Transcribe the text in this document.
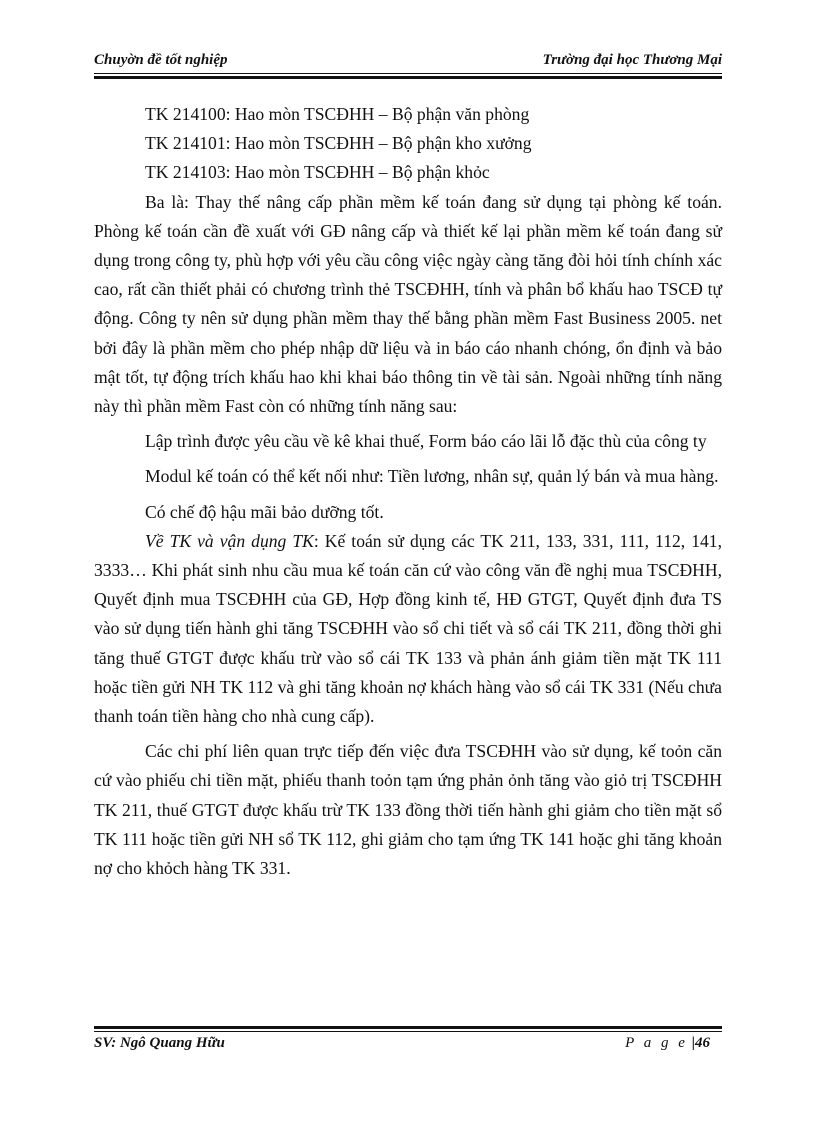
Chuyờn đề tốt nghiệp	Trường đại học Thương Mại

TK 214100: Hao mòn TSCĐHH – Bộ phận văn phòng

TK 214101: Hao mòn TSCĐHH – Bộ phận kho xưởng

TK 214103: Hao mòn TSCĐHH – Bộ phận khỏc

Ba là: Thay thế nâng cấp phần mềm kế toán đang sử dụng tại phòng kế toán. Phòng kế toán cần đề xuất với GĐ nâng cấp và thiết kế lại phần mềm kế toán đang sử dụng trong công ty, phù hợp với yêu cầu công việc ngày càng tăng đòi hỏi tính chính xác cao, rất cần thiết phải có chương trình thẻ TSCĐHH, tính và phân bổ khấu hao TSCĐ tự động. Công ty nên sử dụng phần mềm thay thế bằng phần mềm Fast Business 2005. net bởi đây là phần mềm cho phép nhập dữ liệu và in báo cáo nhanh chóng, ổn định và bảo mật tốt, tự động trích khấu hao khi khai báo thông tin về tài sản. Ngoài những tính năng này thì phần mềm Fast còn có những tính năng sau:

Lập trình được yêu cầu về kê khai thuế, Form báo cáo lãi lỗ đặc thù của công ty

Modul kế toán có thể kết nối như: Tiền lương, nhân sự, quản lý bán và mua hàng.

Có chế độ hậu mãi bảo dưỡng tốt.

Về TK và vận dụng TK: Kế toán sử dụng các TK 211, 133, 331, 111, 112, 141, 3333… Khi phát sinh nhu cầu mua kế toán căn cứ vào công văn đề nghị mua TSCĐHH, Quyết định mua TSCĐHH của GĐ, Hợp đồng kinh tế, HĐ GTGT, Quyết định đưa TS vào sử dụng tiến hành ghi tăng TSCĐHH vào sổ chi tiết và sổ cái TK 211, đồng thời ghi tăng thuế GTGT được khấu trừ vào sổ cái TK 133 và phản ánh giảm tiền mặt TK 111 hoặc tiền gửi NH TK 112 và ghi tăng khoản nợ khách hàng vào sổ cái TK 331 (Nếu chưa thanh toán tiền hàng cho nhà cung cấp).

Các chi phí liên quan trực tiếp đến việc đưa TSCĐHH vào sử dụng, kế toỏn căn cứ vào phiếu chi tiền mặt, phiếu thanh toỏn tạm ứng phản ỏnh tăng vào giỏ trị TSCĐHH TK 211, thuế GTGT được khấu trừ TK 133 đồng thời tiến hành ghi giảm cho tiền mặt sổ TK 111 hoặc tiền gửi NH sổ TK 112, ghi giảm cho tạm ứng TK 141 hoặc ghi tăng khoản nợ cho khỏch hàng TK 331.

SV: Ngô Quang Hữu	P a g e |46
